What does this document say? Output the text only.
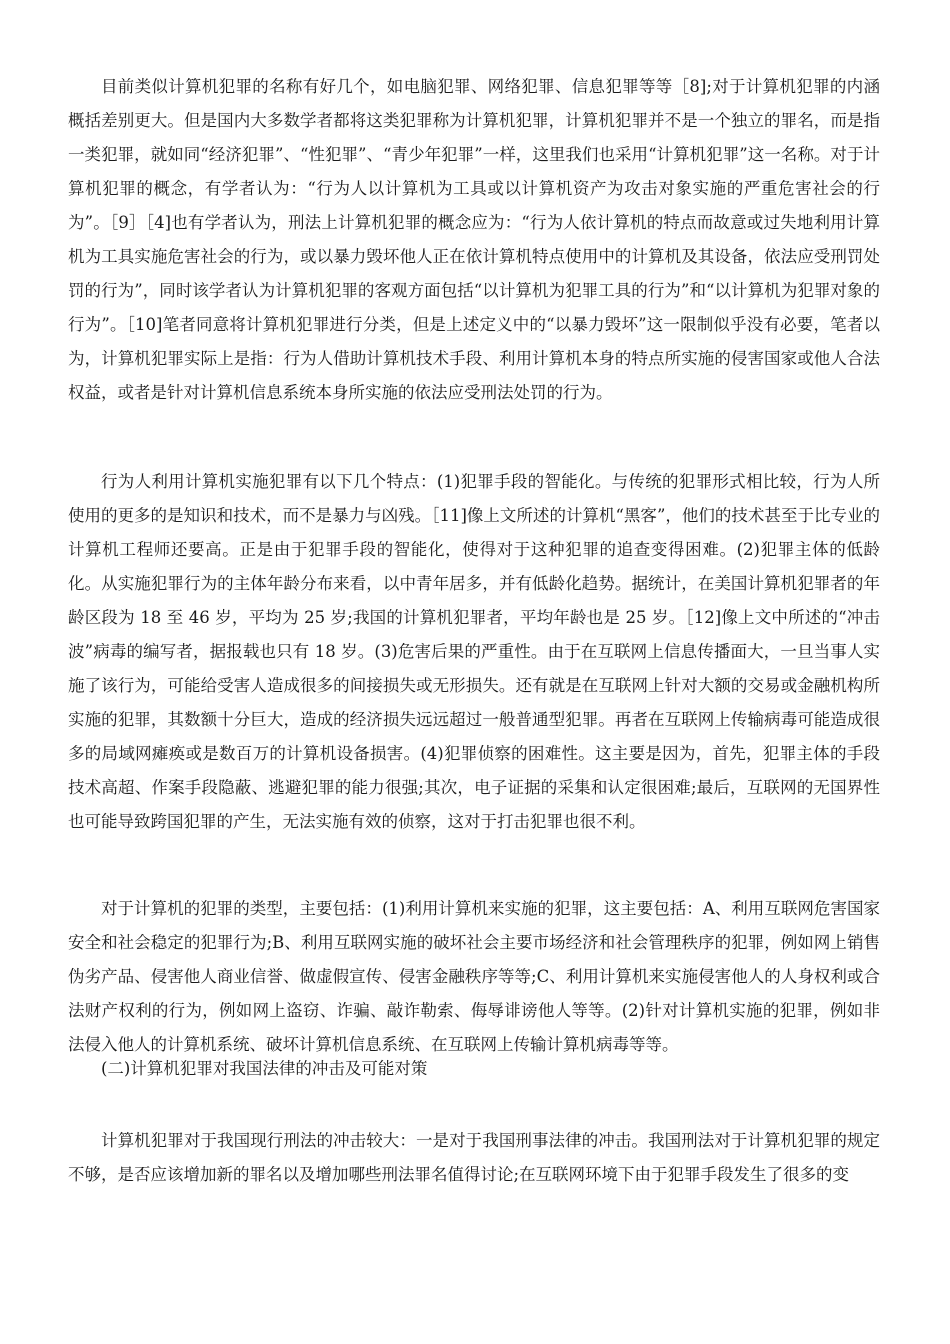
目前类似计算机犯罪的名称有好几个，如电脑犯罪、网络犯罪、信息犯罪等等［8];对于计算机犯罪的内涵概括差别更大。但是国内大多数学者都将这类犯罪称为计算机犯罪，计算机犯罪并不是一个独立的罪名，而是指一类犯罪，就如同“经济犯罪”、“性犯罪”、“青少年犯罪”一样，这里我们也采用“计算机犯罪”这一名称。对于计算机犯罪的概念，有学者认为：“行为人以计算机为工具或以计算机资产为攻击对象实施的严重危害社会的行为”。［9］［4]也有学者认为，刑法上计算机犯罪的概念应为：“行为人依计算机的特点而故意或过失地利用计算机为工具实施危害社会的行为，或以暴力毁坏他人正在依计算机特点使用中的计算机及其设备，依法应受刑罚处罚的行为”，同时该学者认为计算机犯罪的客观方面包括“以计算机为犯罪工具的行为”和“以计算机为犯罪对象的行为”。［10]笔者同意将计算机犯罪进行分类，但是上述定义中的“以暴力毁坏”这一限制似乎没有必要，笔者以为，计算机犯罪实际上是指：行为人借助计算机技术手段、利用计算机本身的特点所实施的侵害国家或他人合法权益，或者是针对计算机信息系统本身所实施的依法应受刑法处罚的行为。

行为人利用计算机实施犯罪有以下几个特点：(1)犯罪手段的智能化。与传统的犯罪形式相比较，行为人所使用的更多的是知识和技术，而不是暴力与凶残。［11]像上文所述的计算机“黑客”，他们的技术甚至于比专业的计算机工程师还要高。正是由于犯罪手段的智能化，使得对于这种犯罪的追查变得困难。(2)犯罪主体的低龄化。从实施犯罪行为的主体年龄分布来看，以中青年居多，并有低龄化趋势。据统计，在美国计算机犯罪者的年龄区段为 18 至 46 岁，平均为 25 岁;我国的计算机犯罪者，平均年龄也是 25 岁。［12]像上文中所述的“冲击波”病毒的编写者，据报载也只有 18 岁。(3)危害后果的严重性。由于在互联网上信息传播面大，一旦当事人实施了该行为，可能给受害人造成很多的间接损失或无形损失。还有就是在互联网上针对大额的交易或金融机构所实施的犯罪，其数额十分巨大，造成的经济损失远远超过一般普通型犯罪。再者在互联网上传输病毒可能造成很多的局域网瘫痪或是数百万的计算机设备损害。(4)犯罪侦察的困难性。这主要是因为，首先，犯罪主体的手段技术高超、作案手段隐蔽、逃避犯罪的能力很强;其次，电子证据的采集和认定很困难;最后，互联网的无国界性也可能导致跨国犯罪的产生，无法实施有效的侦察，这对于打击犯罪也很不利。

对于计算机的犯罪的类型，主要包括：(1)利用计算机来实施的犯罪，这主要包括：A、利用互联网危害国家安全和社会稳定的犯罪行为;B、利用互联网实施的破坏社会主要市场经济和社会管理秩序的犯罪，例如网上销售伪劣产品、侵害他人商业信誉、做虚假宣传、侵害金融秩序等等;C、利用计算机来实施侵害他人的人身权利或合法财产权利的行为，例如网上盗窃、诈骗、敲诈勒索、侮辱诽谤他人等等。(2)针对计算机实施的犯罪，例如非法侵入他人的计算机系统、破坏计算机信息系统、在互联网上传输计算机病毒等等。

(二)计算机犯罪对我国法律的冲击及可能对策

计算机犯罪对于我国现行刑法的冲击较大：一是对于我国刑事法律的冲击。我国刑法对于计算机犯罪的规定不够，是否应该增加新的罪名以及增加哪些刑法罪名值得讨论;在互联网环境下由于犯罪手段发生了很多的变
